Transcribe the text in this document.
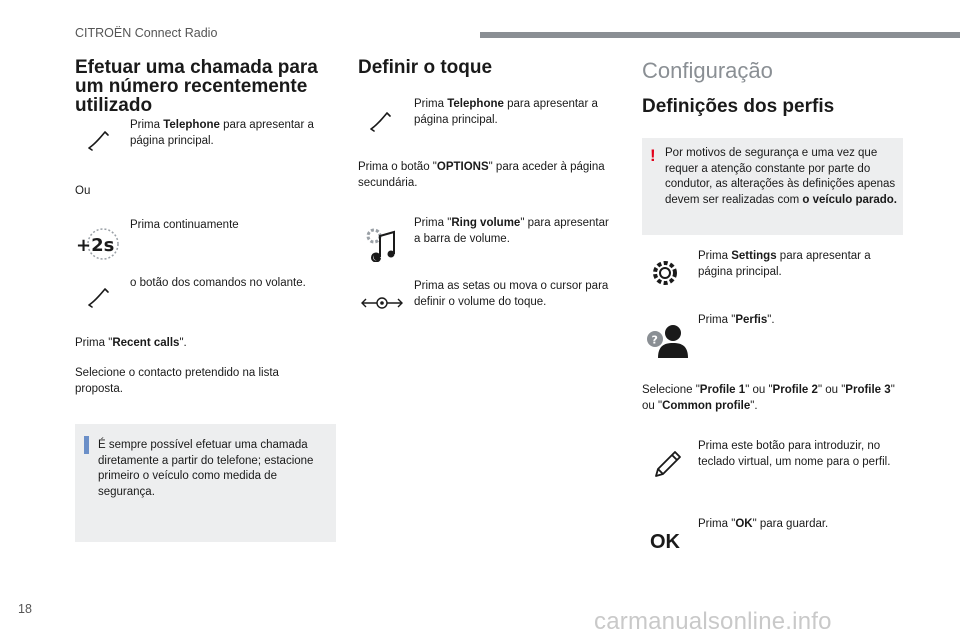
CITROËN Connect Radio
Efetuar uma chamada para um número recentemente utilizado
Prima Telephone para apresentar a página principal.
Ou
+2s
Prima continuamente
o botão dos comandos no volante.
Prima "Recent calls".
Selecione o contacto pretendido na lista proposta.
É sempre possível efetuar uma chamada diretamente a partir do telefone; estacione primeiro o veículo como medida de segurança.
Definir o toque
Prima Telephone para apresentar a página principal.
Prima o botão "OPTIONS" para aceder à página secundária.
Prima "Ring volume" para apresentar a barra de volume.
Prima as setas ou mova o cursor para definir o volume do toque.
Configuração
Definições dos perfis
! Por motivos de segurança e uma vez que requer a atenção constante por parte do condutor, as alterações às definições apenas devem ser realizadas com o veículo parado.
Prima Settings para apresentar a página principal.
?
Prima "Perfis".
Selecione "Profile 1" ou "Profile 2" ou "Profile 3" ou "Common profile".
Prima este botão para introduzir, no teclado virtual, um nome para o perfil.
OK
Prima "OK" para guardar.
18	carmanualsonline.info
